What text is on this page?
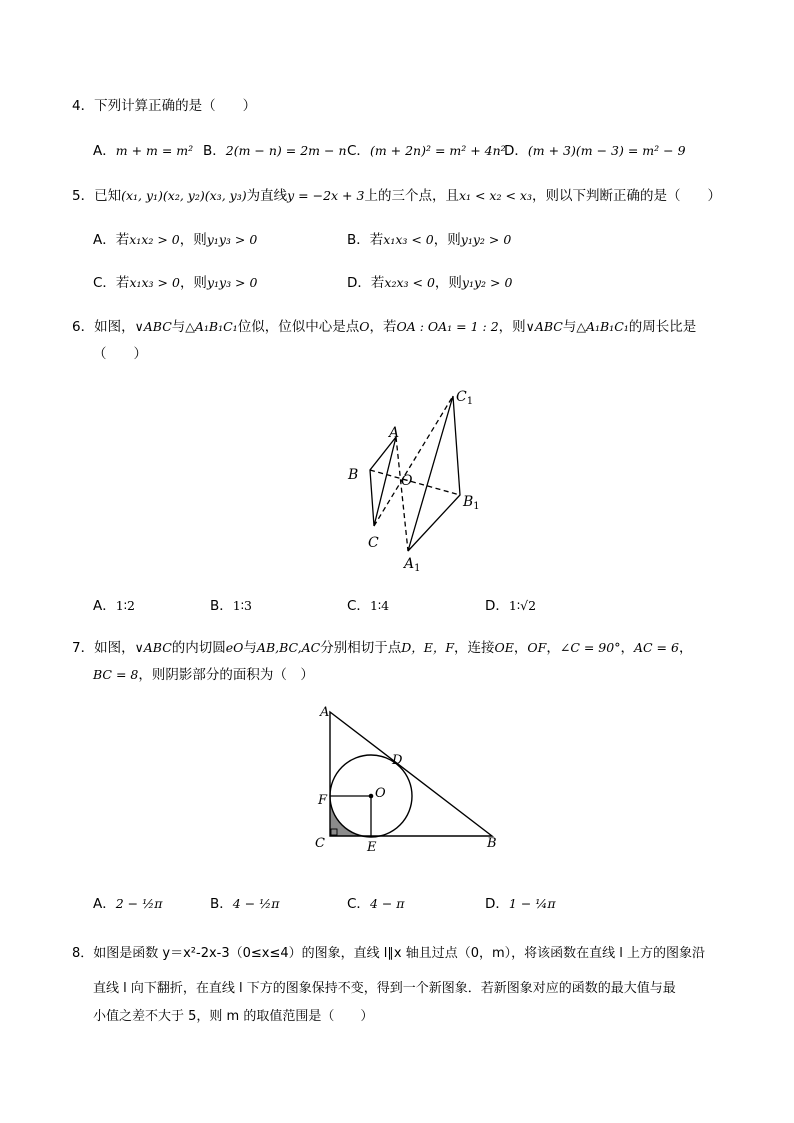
4．下列计算正确的是（　　）
A．m + m = m² B．2(m − n) = 2m − n C．(m + 2n)² = m² + 4n²
D．(m + 3)(m − 3) = m² − 9
5．已知(x₁, y₁)(x₂, y₂)(x₃, y₃)为直线y = −2x + 3上的三个点，且x₁ < x₂ < x₃，则以下判断正确的是（　　）
A．若x₁x₂ > 0，则y₁y₃ > 0	B．若x₁x₃ < 0，则y₁y₂ > 0
C．若x₁x₃ > 0，则y₁y₃ > 0	D．若x₂x₃ < 0，则y₁y₂ > 0
6．如图，∨ABC与△A₁B₁C₁位似，位似中心是点O，若OA : OA₁ = 1 : 2，则∨ABC与△A₁B₁C₁的周长比是
（　　）
A
B
C
O
$A_1$
$B_1$
$C_1$
A．1∶2	B．1∶3	C．1∶4	D．1∶√2
7．如图，∨ABC的内切圆eO与AB,BC,AC分别相切于点D，E，F，连接OE，OF，∠C = 90°，AC = 6，
BC = 8，则阴影部分的面积为（　）
A
D
F	O
C	E	B
A．2 − ½π	B．4 − ½π	C．4 − π	D．1 − ¼π
8．如图是函数 y＝x²-2x-3（0≤x≤4）的图象，直线 l∥x 轴且过点（0，m），将该函数在直线 l 上方的图象沿
直线 l 向下翻折，在直线 l 下方的图象保持不变，得到一个新图象．若新图象对应的函数的最大值与最
小值之差不大于 5，则 m 的取值范围是（　　）
